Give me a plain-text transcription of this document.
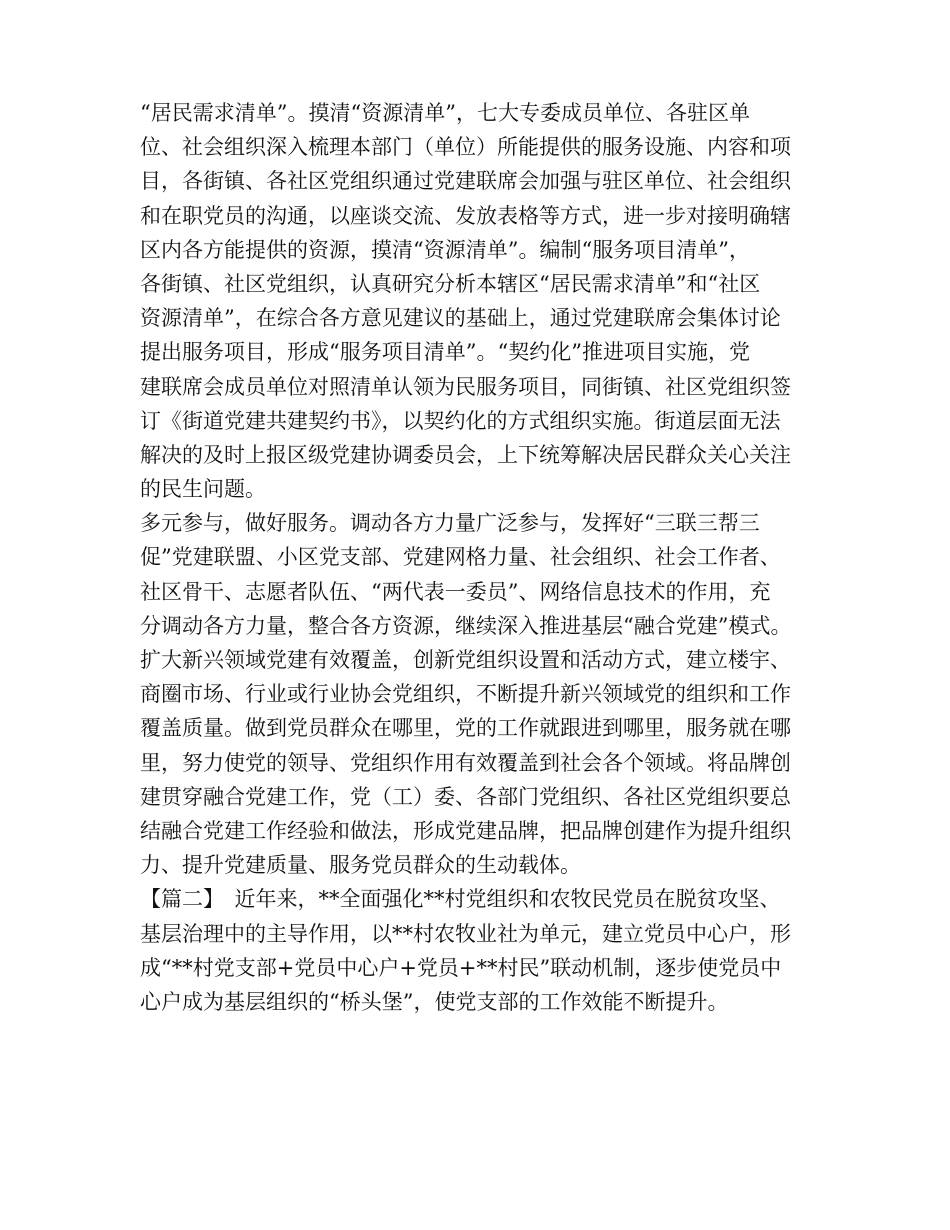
“居民需求清单”。摸清“资源清单”，七大专委成员单位、各驻区单
位、社会组织深入梳理本部门（单位）所能提供的服务设施、内容和项
目，各街镇、各社区党组织通过党建联席会加强与驻区单位、社会组织
和在职党员的沟通，以座谈交流、发放表格等方式，进一步对接明确辖
区内各方能提供的资源，摸清“资源清单”。编制“服务项目清单”，
各街镇、社区党组织，认真研究分析本辖区“居民需求清单”和“社区
资源清单”，在综合各方意见建议的基础上，通过党建联席会集体讨论
提出服务项目，形成“服务项目清单”。“契约化”推进项目实施，党
建联席会成员单位对照清单认领为民服务项目，同街镇、社区党组织签
订《街道党建共建契约书》，以契约化的方式组织实施。街道层面无法
解决的及时上报区级党建协调委员会，上下统筹解决居民群众关心关注
的民生问题。
多元参与，做好服务。调动各方力量广泛参与，发挥好“三联三帮三
促”党建联盟、小区党支部、党建网格力量、社会组织、社会工作者、
社区骨干、志愿者队伍、“两代表一委员”、网络信息技术的作用，充
分调动各方力量，整合各方资源，继续深入推进基层“融合党建”模式。
扩大新兴领域党建有效覆盖，创新党组织设置和活动方式，建立楼宇、
商圈市场、行业或行业协会党组织，不断提升新兴领域党的组织和工作
覆盖质量。做到党员群众在哪里，党的工作就跟进到哪里，服务就在哪
里，努力使党的领导、党组织作用有效覆盖到社会各个领域。将品牌创
建贯穿融合党建工作，党（工）委、各部门党组织、各社区党组织要总
结融合党建工作经验和做法，形成党建品牌，把品牌创建作为提升组织
力、提升党建质量、服务党员群众的生动载体。
【篇二】　近年来，**全面强化**村党组织和农牧民党员在脱贫攻坚、
基层治理中的主导作用，以**村农牧业社为单元，建立党员中心户，形
成“**村党支部+党员中心户+党员+**村民”联动机制，逐步使党员中
心户成为基层组织的“桥头堡”，使党支部的工作效能不断提升。
